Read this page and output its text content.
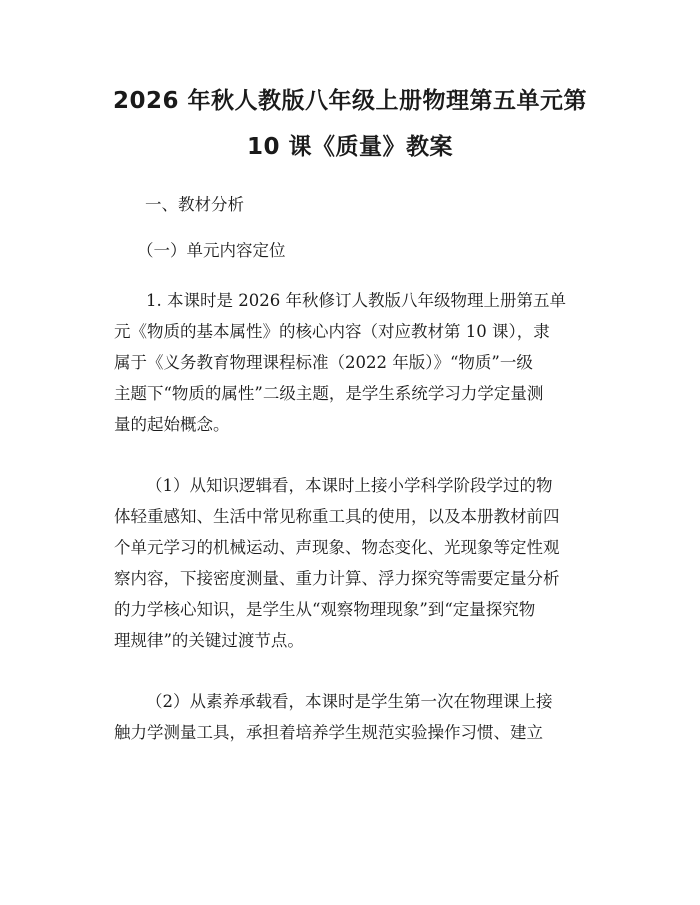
2026 年秋人教版八年级上册物理第五单元第
10 课《质量》教案

一、教材分析

（一）单元内容定位

1. 本课时是 2026 年秋修订人教版八年级物理上册第五单
元《物质的基本属性》的核心内容（对应教材第 10 课），隶
属于《义务教育物理课程标准（2022 年版）》“物质”一级
主题下“物质的属性”二级主题，是学生系统学习力学定量测
量的起始概念。

（1）从知识逻辑看，本课时上接小学科学阶段学过的物
体轻重感知、生活中常见称重工具的使用，以及本册教材前四
个单元学习的机械运动、声现象、物态变化、光现象等定性观
察内容，下接密度测量、重力计算、浮力探究等需要定量分析
的力学核心知识，是学生从“观察物理现象”到“定量探究物
理规律”的关键过渡节点。

（2）从素养承载看，本课时是学生第一次在物理课上接
触力学测量工具，承担着培养学生规范实验操作习惯、建立
